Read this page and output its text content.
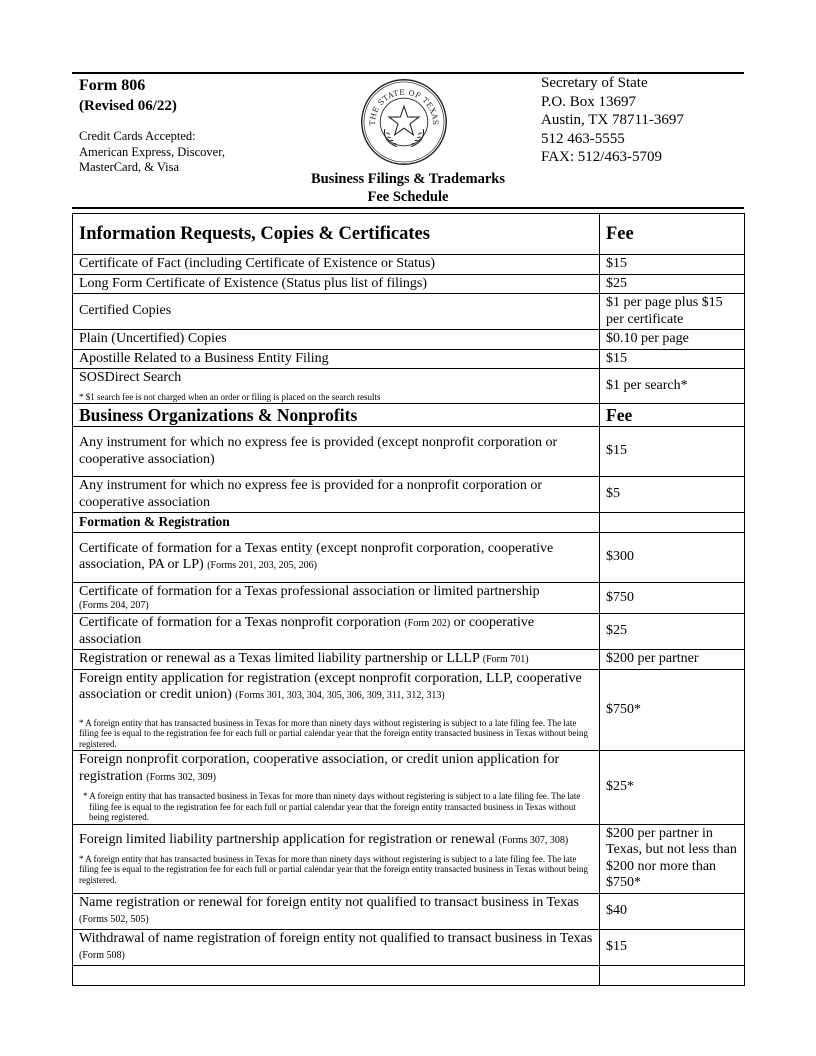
Form 806
(Revised 06/22)
Credit Cards Accepted:
American Express, Discover,
MasterCard, & Visa
THE STATE OF TEXAS
Business Filings & Trademarks
Fee Schedule
Secretary of State
P.O. Box 13697
Austin, TX 78711-3697
512 463-5555
FAX: 512/463-5709
Information Requests, Copies & Certificates	Fee
Certificate of Fact (including Certificate of Existence or Status)	$15
Long Form Certificate of Existence (Status plus list of filings)	$25
Certified Copies	$1 per page plus $15 per certificate
Plain (Uncertified) Copies	$0.10 per page
Apostille Related to a Business Entity Filing	$15

SOSDirect Search
* $1 search fee is not charged when an order or filing is placed on the search results	$1 per search*
Business Organizations & Nonprofits	Fee
Any instrument for which no express fee is provided (except nonprofit corporation or cooperative association)	$15
Any instrument for which no express fee is provided for a nonprofit corporation or cooperative association	$5
Formation & Registration	
Certificate of formation for a Texas entity (except nonprofit corporation, cooperative association, PA or LP) (Forms 201, 203, 205, 206)	$300

Certificate of formation for a Texas professional association or limited partnership
(Forms 204, 207)	$750
Certificate of formation for a Texas nonprofit corporation (Form 202) or cooperative association	$25
Registration or renewal as a Texas limited liability partnership or LLLP (Form 701)	$200 per partner

Foreign entity application for registration (except nonprofit corporation, LLP, cooperative association or credit union) (Forms 301, 303, 304, 305, 306, 309, 311, 312, 313)
* A foreign entity that has transacted business in Texas for more than ninety days without registering is subject to a late filing fee. The late filing fee is equal to the registration fee for each full or partial calendar year that the foreign entity transacted business in Texas without being registered.	$750*

Foreign nonprofit corporation, cooperative association, or credit union application for registration (Forms 302, 309)
* A foreign entity that has transacted business in Texas for more than ninety days without registering is subject to a late filing fee. The late filing fee is equal to the registration fee for each full or partial calendar year that the foreign entity transacted business in Texas without being registered.	$25*

Foreign limited liability partnership application for registration or renewal (Forms 307, 308)
* A foreign entity that has transacted business in Texas for more than ninety days without registering is subject to a late filing fee. The late filing fee is equal to the registration fee for each full or partial calendar year that the foreign entity transacted business in Texas without being registered.	$200 per partner in Texas, but not less than $200 nor more than $750*
Name registration or renewal for foreign entity not qualified to transact business in Texas (Forms 502, 505)	$40
Withdrawal of name registration of foreign entity not qualified to transact business in Texas (Form 508)	$15
